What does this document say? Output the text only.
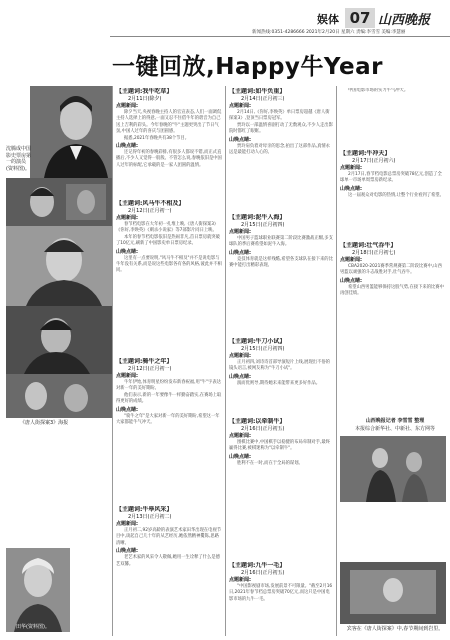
娱体 07 山西晚报
新闻热线:0351-4286666 2021年2月20日 星期六 责编:李雪雪 美编:李慧丽
一键回放,Happy牛Year
沈腾成中国影史票房第一的演员(资料图)。
《唐人街探案3》海报
田华(资料图)。
【主题词:我牛吃草】
2月11日(除夕)
点题新闻:

除夕当天,央视春晚主持人的官宣表态,人们一面调侃主持人选择上的得意,一面又忍不住借牛年的谐音为自己送上吉利的彩头。今年春晚的"牛"主题更突出了节日气氛,中国人过年的喜庆与团圆感。

据悉,2021年春晚共有38个节目。

山晚点睛:

还记得年初的春晚彩排,有很多人都说不错,而正式直播后,不少人又觉得一般般。不管怎么说,春晚依旧是中国人过年的标配,它承载的是一家人团圆的温情。

【主题词:风马牛不相及】
2月12日(正月初一)
点题新闻:

春节档电影在大年初一扎堆上映,《唐人街探案3》《你好,李焕英》《刺杀小说家》等7部影片同日上映。

本年的春节档电影依旧是热闹非凡,首日票房就突破了10亿元,刷新了中国影史单日票房纪录。

山晚点睛:

这里有一点要说明,"风马牛不相及"并不是说电影与牛年没有关系,而是说这些电影各有各的风格,彼此并不相同。

【主题词:骑牛之年】
2月12日(正月初一)
点题新闻:

牛年伊始,体育明星纷纷发布新春祝福,用"牛"字表达对新一年的美好期盼。

他们表示,新的一年要像牛一样勤奋踏实,在赛场上取得更好的成绩。

山晚点睛:

"骑牛之年"是大家对新一年的美好期盼,希望这一年大家都能牛气冲天。

【主题词:牛皋风采】
2月13日(正月初二)
点题新闻:

正月初二,92岁高龄的表演艺术家田华出现在电视节目中,谈起自己几十年的从艺经历,她依然精神矍铄,思路清晰。

山晚点睛:

老艺术家的风采令人敬佩,她用一生诠释了什么是德艺双馨。

【主题词:如牛负重】
2月14日(正月初三)
点题新闻:

2月14日,《你好,李焕英》单日票房超越《唐人街探案3》,登顶当日票房冠军。

贾玲以一部温情喜剧打动了无数观众,不少人走出影院时都红了眼眶。

山晚点睛:

贾玲肩负着对母亲的思念,拍出了这部作品,真情永远是最能打动人心的。

【主题词:泥牛入海】
2月15日(正月初四)
点题新闻:

中国男子篮球职业联赛第二阶段比赛激战正酣,多支球队的季后赛希望如泥牛入海。

山晚点睛:

竞技体育就是这样残酷,希望各支球队在接下来的比赛中能打出精彩表现。

【主题词:牛刀小试】
2月15日(正月初四)
点题新闻:

正月初四,刘诗诗首部导演短片上线,展现出不俗的镜头语言,被网友称为"牛刀小试"。

山晚点睛:

演而优则导,期待她未来能带来更多好作品。

【主题词:以牵制牛】
2月16日(正月初五)
点题新闻:

围棋比赛中,中国棋手以稳健的布局牵制对手,最终赢得比赛,被棋迷称为"以牵制牛"。

山晚点睛:

胜利不在一时,而在于全局的谋划。

【主题词:九牛一毛】
2月16日(正月初五)
点题新闻:

"中国影视剧市场,发展前景不可限量。"截至2月16日,2021年春节档总票房突破70亿元,而这只是中国电影市场的九牛一毛。

中国电影市场的实力牛气冲天。

【主题词:牛冲天】
2月17日(正月初六)
点题新闻:

2月17日,春节档电影总票房突破78亿元,创造了全球单一市场单周票房新纪录。

山晚点睛:

这一届观众对电影的热情,让整个行业看到了希望。

【主题词:壮气吞牛】
2月18日(正月初七)
点题新闻:

CBA2020-2021赛季常规赛第二阶段比赛中,山西男篮以顽强的斗志战胜对手,壮气吞牛。

山晚点睛:

希望山西男篮能够保持这股气势,在接下来的比赛中再创佳绩。

山西晚报记者 李雪雪 整理
本报综合新华社、中新社、东方网等
宾客在《唐人街探案》中,春节期间到岩里。
